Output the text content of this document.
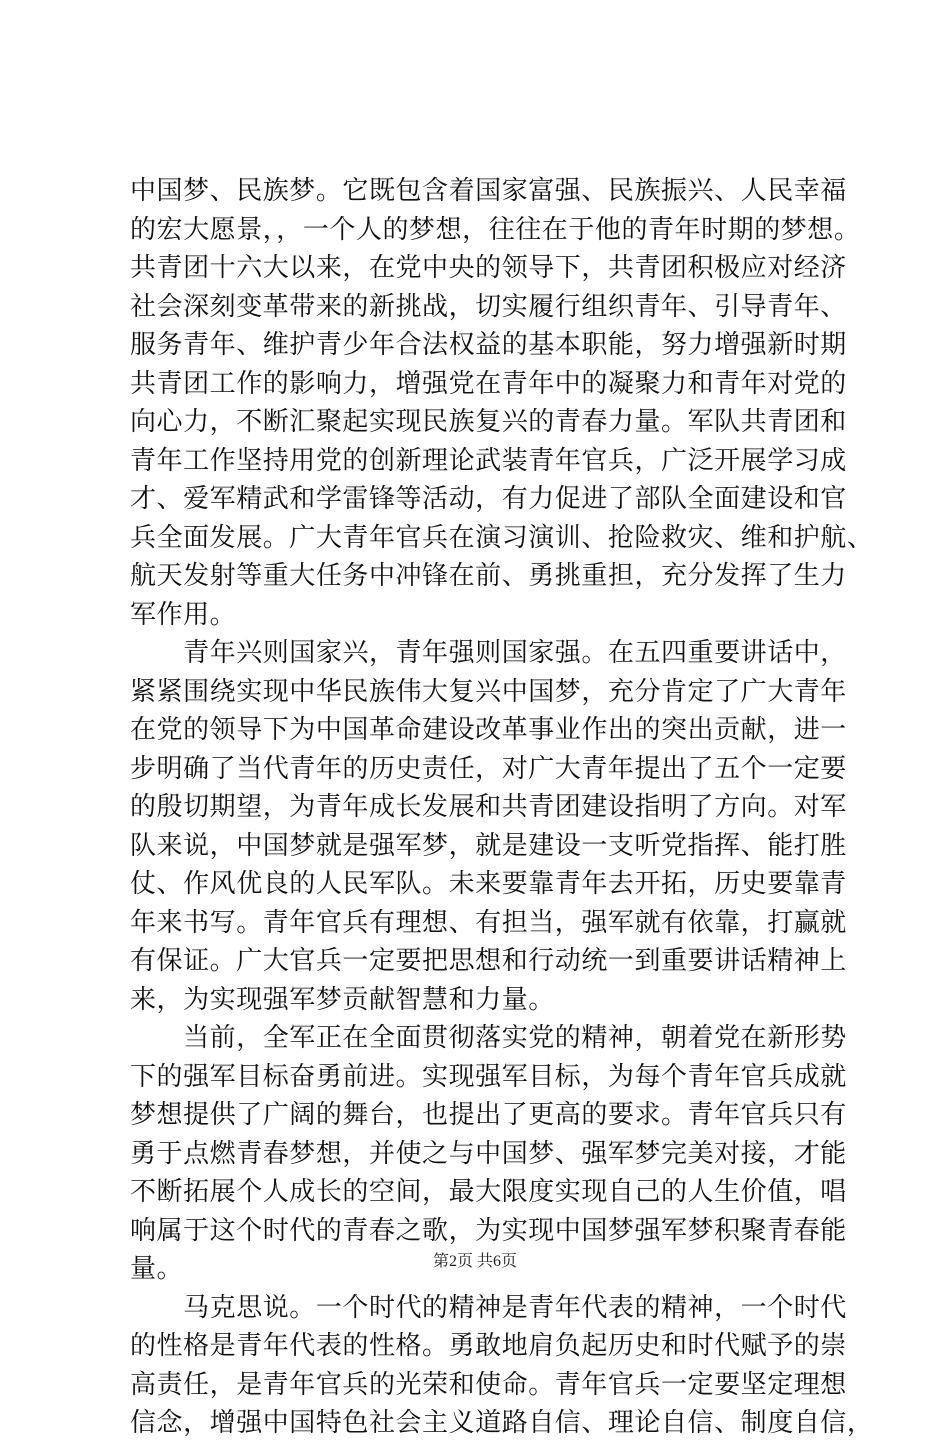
中国梦、民族梦。它既包含着国家富强、民族振兴、人民幸福
的宏大愿景，，一个人的梦想，往往在于他的青年时期的梦想。
共青团十六大以来，在党中央的领导下，共青团积极应对经济
社会深刻变革带来的新挑战，切实履行组织青年、引导青年、
服务青年、维护青少年合法权益的基本职能，努力增强新时期
共青团工作的影响力，增强党在青年中的凝聚力和青年对党的
向心力，不断汇聚起实现民族复兴的青春力量。军队共青团和
青年工作坚持用党的创新理论武装青年官兵，广泛开展学习成
才、爱军精武和学雷锋等活动，有力促进了部队全面建设和官
兵全面发展。广大青年官兵在演习演训、抢险救灾、维和护航、
航天发射等重大任务中冲锋在前、勇挑重担，充分发挥了生力
军作用。
　　青年兴则国家兴，青年强则国家强。在五四重要讲话中，
紧紧围绕实现中华民族伟大复兴中国梦，充分肯定了广大青年
在党的领导下为中国革命建设改革事业作出的突出贡献，进一
步明确了当代青年的历史责任，对广大青年提出了五个一定要
的殷切期望，为青年成长发展和共青团建设指明了方向。对军
队来说，中国梦就是强军梦，就是建设一支听党指挥、能打胜
仗、作风优良的人民军队。未来要靠青年去开拓，历史要靠青
年来书写。青年官兵有理想、有担当，强军就有依靠，打赢就
有保证。广大官兵一定要把思想和行动统一到重要讲话精神上
来，为实现强军梦贡献智慧和力量。
　　当前，全军正在全面贯彻落实党的精神，朝着党在新形势
下的强军目标奋勇前进。实现强军目标，为每个青年官兵成就
梦想提供了广阔的舞台，也提出了更高的要求。青年官兵只有
勇于点燃青春梦想，并使之与中国梦、强军梦完美对接，才能
不断拓展个人成长的空间，最大限度实现自己的人生价值，唱
响属于这个时代的青春之歌，为实现中国梦强军梦积聚青春能
量。
　　马克思说。一个时代的精神是青年代表的精神，一个时代
的性格是青年代表的性格。勇敢地肩负起历史和时代赋予的崇
高责任，是青年官兵的光荣和使命。青年官兵一定要坚定理想
信念，增强中国特色社会主义道路自信、理论自信、制度自信，
第2页 共6页
